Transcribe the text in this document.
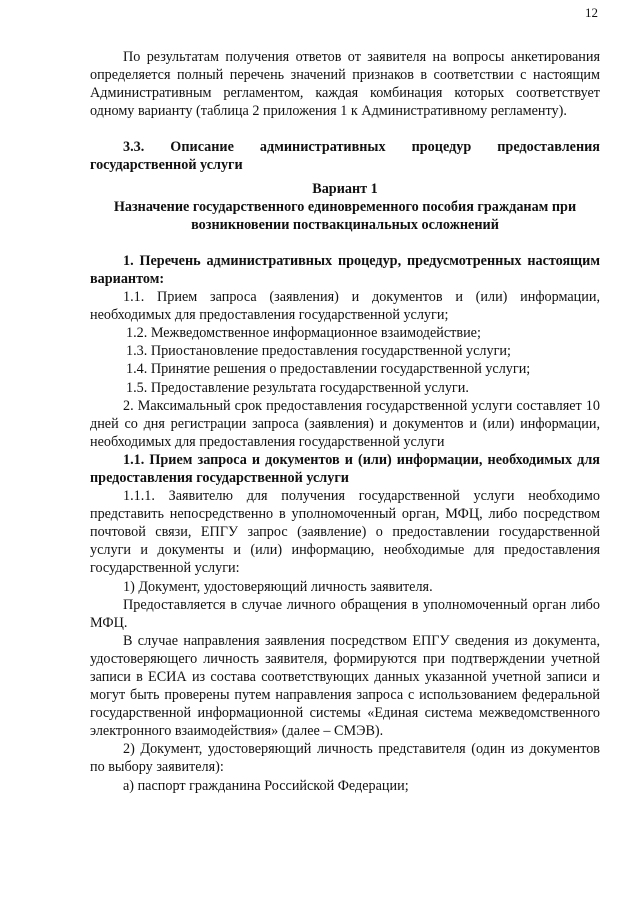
12

По результатам получения ответов от заявителя на вопросы анкетирования определяется полный перечень значений признаков в соответствии с настоящим Административным регламентом, каждая комбинация которых соответствует одному варианту (таблица 2 приложения 1 к Административному регламенту).

3.3. Описание административных процедур предоставления государственной услуги

Вариант 1

Назначение государственного единовременного пособия гражданам при возникновении поствакцинальных осложнений

1. Перечень административных процедур, предусмотренных настоящим вариантом:

1.1. Прием запроса (заявления) и документов и (или) информации, необходимых для предоставления государственной услуги;

1.2. Межведомственное информационное взаимодействие;

1.3. Приостановление предоставления государственной услуги;

1.4. Принятие решения о предоставлении государственной услуги;

1.5. Предоставление результата государственной услуги.

2. Максимальный срок предоставления государственной услуги составляет 10 дней со дня регистрации запроса (заявления) и документов и (или) информации, необходимых для предоставления государственной услуги

1.1. Прием запроса и документов и (или) информации, необходимых для предоставления государственной услуги

1.1.1. Заявителю для получения государственной услуги необходимо представить непосредственно в уполномоченный орган, МФЦ, либо посредством почтовой связи, ЕПГУ запрос (заявление) о предоставлении государственной услуги и документы и (или) информацию, необходимые для предоставления государственной услуги:

1) Документ, удостоверяющий личность заявителя.

Предоставляется в случае личного обращения в уполномоченный орган либо МФЦ.

В случае направления заявления посредством ЕПГУ сведения из документа, удостоверяющего личность заявителя, формируются при подтверждении учетной записи в ЕСИА из состава соответствующих данных указанной учетной записи и могут быть проверены путем направления запроса с использованием федеральной государственной информационной системы «Единая система межведомственного электронного взаимодействия» (далее – СМЭВ).

2) Документ, удостоверяющий личность представителя (один из документов по выбору заявителя):

а) паспорт гражданина Российской Федерации;
